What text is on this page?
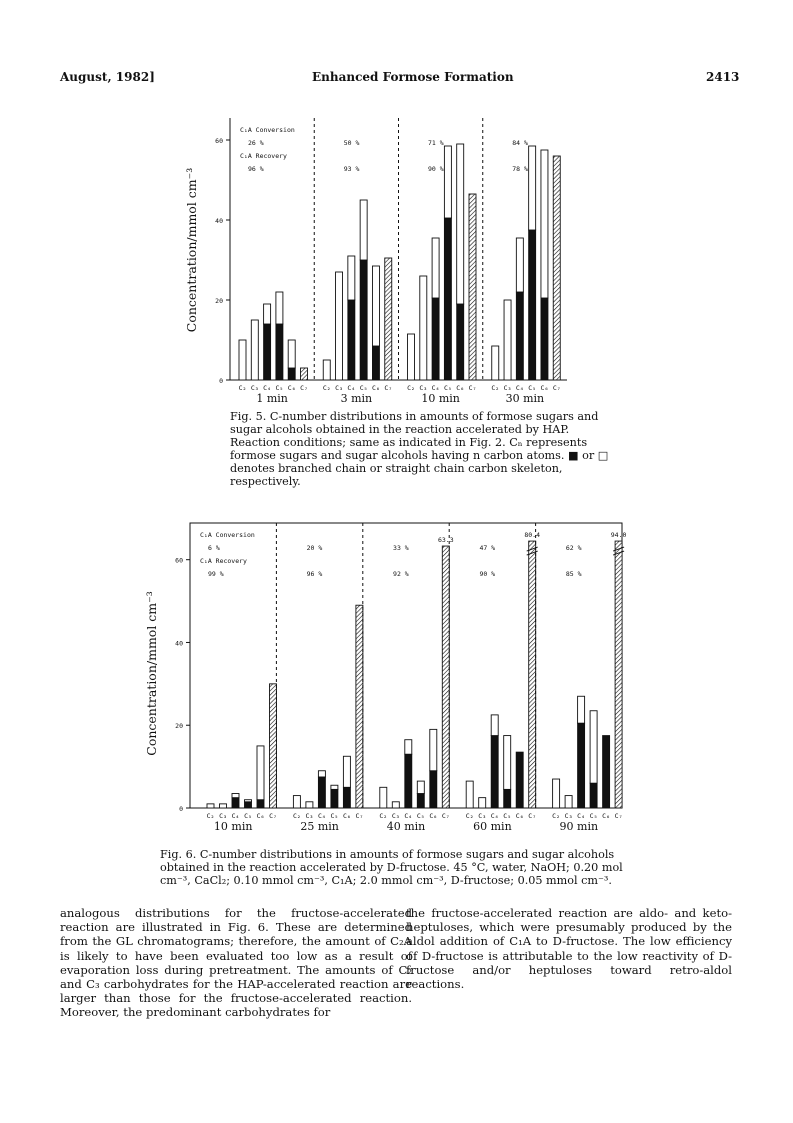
August, 1982]	Enhanced Formose Formation	2413
0
20
40
60
Concentration/mmol cm⁻³
C₂ C₃ C₄ C₅ C₆ C₇
1 min
C₁A Conversion
C₁A Recovery
26 %
96 %
C₂ C₃ C₄ C₅ C₆ C₇
3 min
50 %
93 %
C₂ C₃ C₄ C₅ C₆ C₇
10 min
71 %
90 %
C₂ C₃ C₄ C₅ C₆ C₇
30 min
84 %
78 %
Fig. 5. C-number distributions in amounts of formose sugars and sugar alcohols obtained in the reaction accelerated by HAP. Reaction conditions; same as indicated in Fig. 2. Cₙ represents formose sugars and sugar alcohols having n carbon atoms. ■ or □ denotes branched chain or straight chain carbon skeleton, respectively.
0
20
40
60
Concentration/mmol cm⁻³
C₂ C₃ C₄ C₅ C₆ C₇
10 min
C₁A Conversion
C₁A Recovery
6 %
99 %
C₂ C₃ C₄ C₅ C₆ C₇
25 min
20 %
96 %
C₂ C₃ C₄ C₅ C₆
63.3
C₇
40 min
33 %
92 %
C₂ C₃ C₄ C₅ C₆
80.4
C₇
60 min
47 %
90 %
C₂ C₃ C₄ C₅ C₆
94.0
C₇
90 min
62 %
85 %
Fig. 6. C-number distributions in amounts of formose sugars and sugar alcohols obtained in the reaction accelerated by D-fructose. 45 °C, water, NaOH; 0.20 mol cm⁻³, CaCl₂; 0.10 mmol cm⁻³, C₁A; 2.0 mmol cm⁻³, D-fructose; 0.05 mmol cm⁻³.
analogous distributions for the fructose-accelerated reaction are illustrated in Fig. 6. These are determined from the GL chromatograms; therefore, the amount of C₂A is likely to have been evaluated too low as a result of evaporation loss during pretreatment. The amounts of C₂ and C₃ carbohydrates for the HAP-accelerated reaction are larger than those for the fructose-accelerated reaction. Moreover, the predominant carbohydrates for
the fructose-accelerated reaction are aldo- and keto-heptuloses, which were presumably produced by the aldol addition of C₁A to D-fructose. The low efficiency of D-fructose is attributable to the low reactivity of D-fructose and/or heptuloses toward retro-aldol reactions.
